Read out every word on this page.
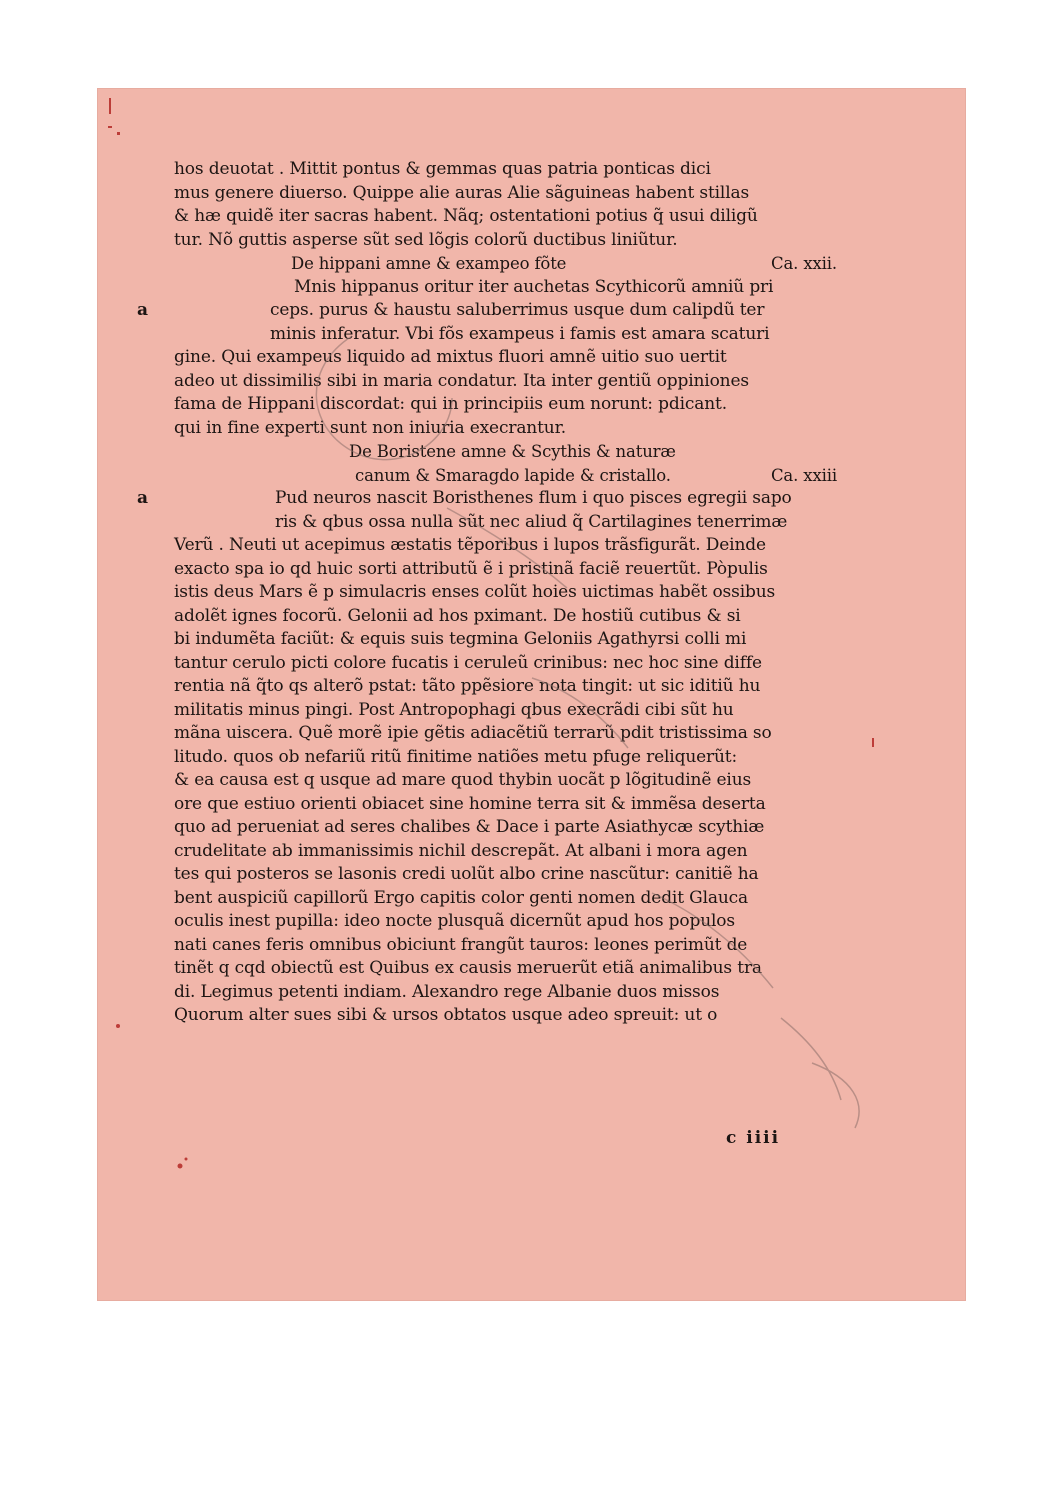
hos deuotat . Mittit pontus & gemmas quas patria ponticas dici
mus genere diuerso. Quippe alie auras Alie sãguineas habent stillas
& hæ quidẽ iter sacras habent. Nãq; ostentationi potius q̃ usui diligũ
tur. Nõ guttis asperse sũt sed lõgis colorũ ductibus liniũtur.
De hippani amne & exampeo fõte	Ca. xxii.
Mnis hippanus oritur iter auchetas Scythicorũ amniũ pri
a	ceps. purus & haustu saluberrimus usque dum calipdũ ter
minis inferatur. Vbi fõs exampeus i famis est amara scaturi
gine. Qui exampeus liquido ad mixtus fluori amnẽ uitio suo uertit
adeo ut dissimilis sibi in maria condatur. Ita inter gentiũ oppiniones
fama de Hippani discordat: qui in principiis eum norunt: pdicant.
qui in fine experti sunt non iniuria execrantur.
De Boristene amne & Scythis & naturæ
canum & Smaragdo lapide & cristallo.	Ca. xxiii
a	Pud neuros nascit Boristhenes flum i quo pisces egregii sapo
ris & qbus ossa nulla sũt nec aliud q̃ Cartilagines tenerrimæ
Verũ . Neuti ut acepimus æstatis tẽporibus i lupos trãsfigurãt. Deinde
exacto spa io qd huic sorti attributũ ẽ i pristinã faciẽ reuertũt. Pòpulis
istis deus Mars ẽ p simulacris enses colũt hoies uictimas habẽt ossibus
adolẽt ignes focorũ. Gelonii ad hos pximant. De hostiũ cutibus & si
bi indumẽta faciũt: & equis suis tegmina Geloniis Agathyrsi colli mi
tantur cerulo picti colore fucatis i ceruleũ crinibus: nec hoc sine diffe
rentia nã q̃to qs alterõ pstat: tãto ppẽsiore nota tingit: ut sic iditiũ hu
militatis minus pingi. Post Antropophagi qbus execrãdi cibi sũt hu
mãna uiscera. Quẽ morẽ ipie gẽtis adiacẽtiũ terrarũ pdit tristissima so
litudo. quos ob nefariũ ritũ finitime natiões metu pfuge reliquerũt:
& ea causa est q usque ad mare quod thybin uocãt p lõgitudinẽ eius
ore que estiuo orienti obiacet sine homine terra sit & immẽsa deserta
quo ad perueniat ad seres chalibes & Dace i parte Asiathycæ scythiæ
crudelitate ab immanissimis nichil descrepãt. At albani i mora agen
tes qui posteros se lasonis credi uolũt albo crine nascũtur: canitiẽ ha
bent auspiciũ capillorũ Ergo capitis color genti nomen dedit Glauca
oculis inest pupilla: ideo nocte plusquã dicernũt apud hos populos
nati canes feris omnibus obiciunt frangũt tauros: leones perimũt de
tinẽt q cqd obiectũ est Quibus ex causis meruerũt etiã animalibus tra
di. Legimus petenti indiam. Alexandro rege Albanie duos missos
Quorum alter sues sibi & ursos obtatos usque adeo spreuit: ut o
c iiii
